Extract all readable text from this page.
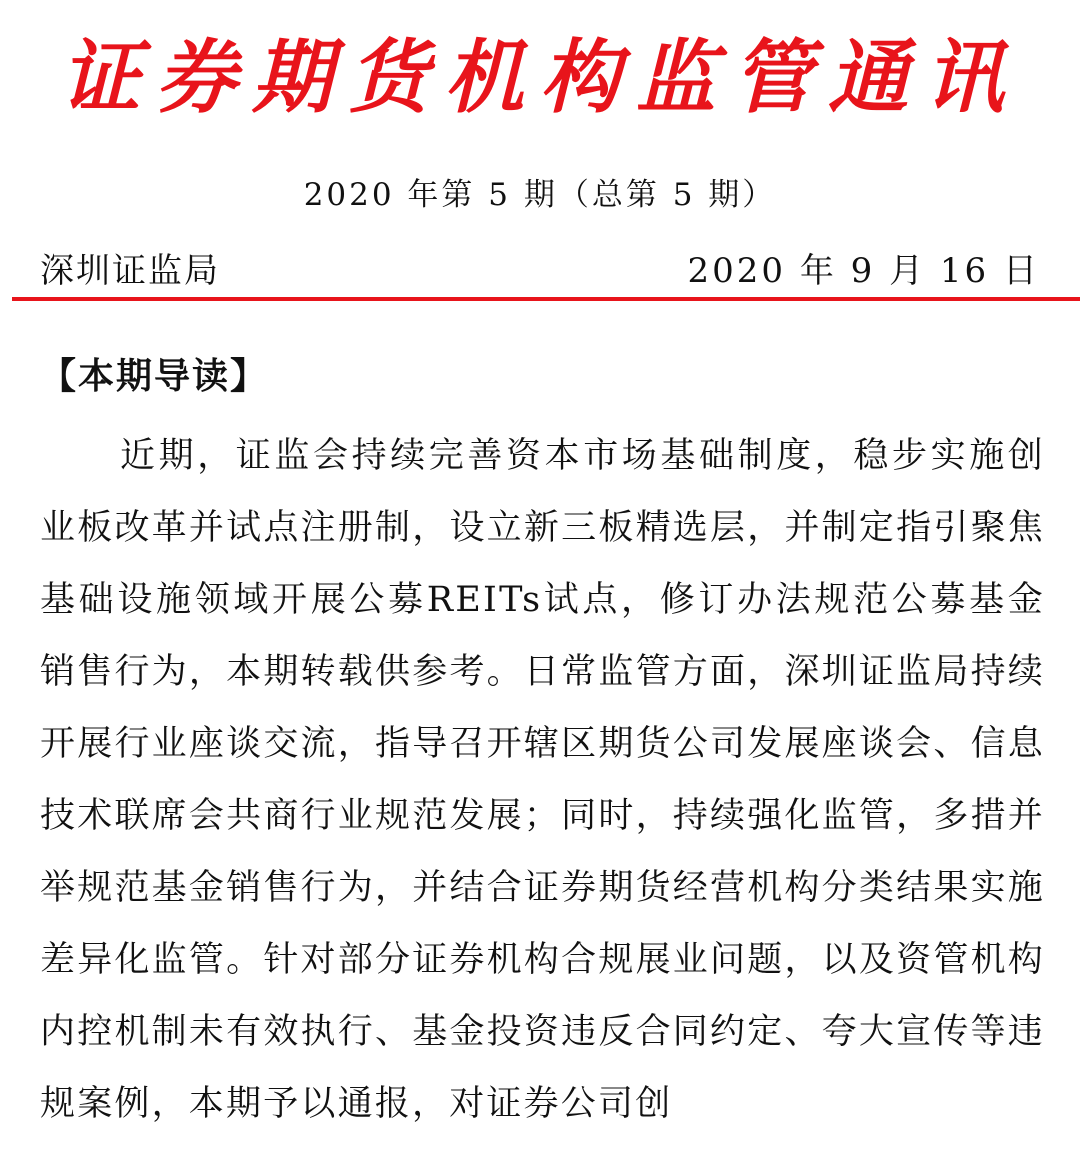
证券期货机构监管通讯
2020 年第 5 期（总第 5 期）
深圳证监局	2020 年 9 月 16 日
【本期导读】

近期，证监会持续完善资本市场基础制度，稳步实施创业板改革并试点注册制，设立新三板精选层，并制定指引聚焦基础设施领域开展公募REITs试点，修订办法规范公募基金销售行为，本期转载供参考。日常监管方面，深圳证监局持续开展行业座谈交流，指导召开辖区期货公司发展座谈会、信息技术联席会共商行业规范发展；同时，持续强化监管，多措并举规范基金销售行为，并结合证券期货经营机构分类结果实施差异化监管。针对部分证券机构合规展业问题，以及资管机构内控机制未有效执行、基金投资违反合同约定、夸大宣传等违规案例，本期予以通报，对证券公司创
